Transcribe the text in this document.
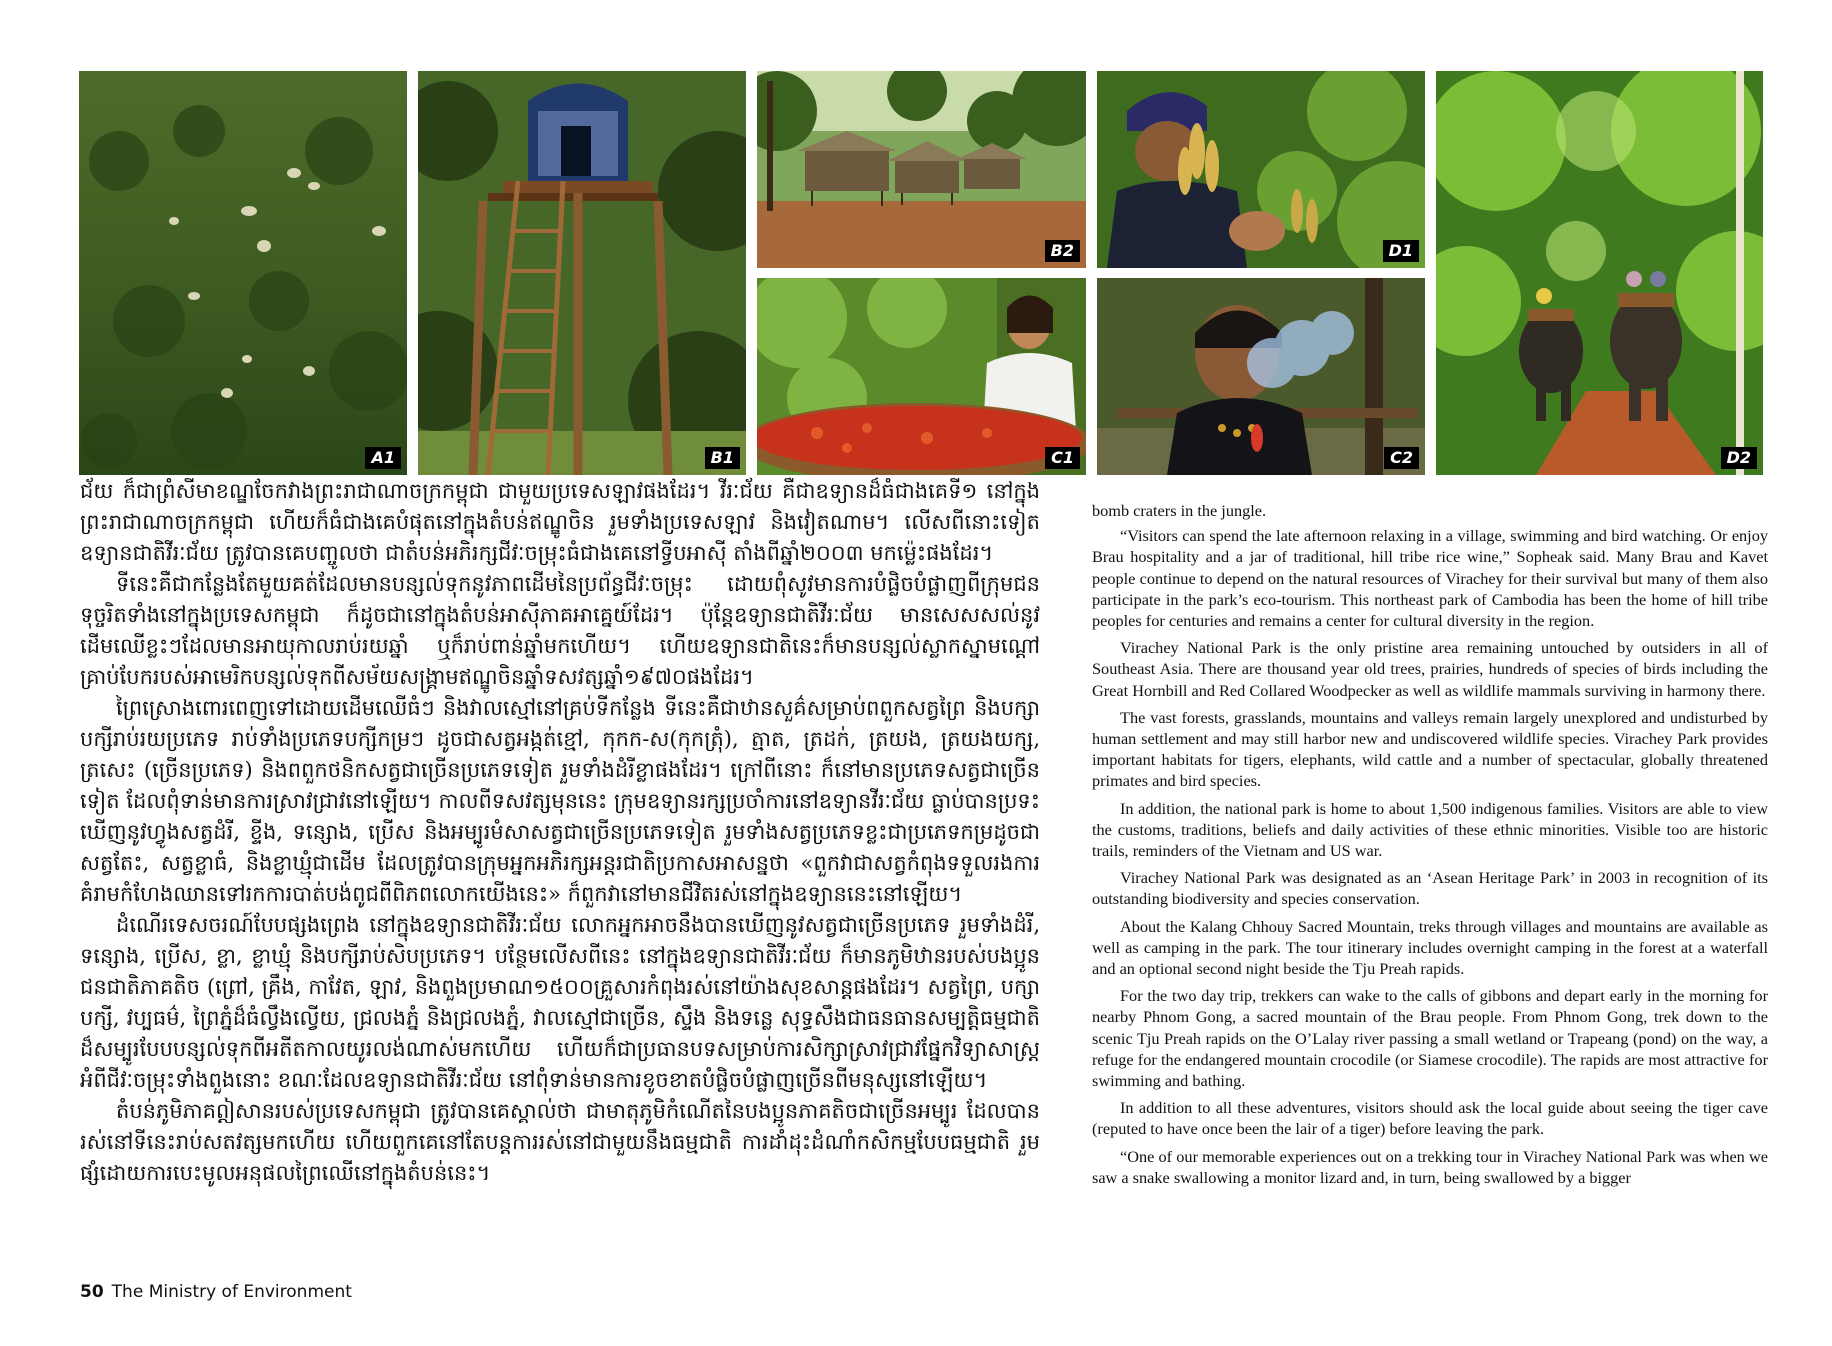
A1	B1
B2	D1
D2
C1	C2

ជ័យ ក៏ជាព្រំសីមាខណ្ឌចែកវាងព្រះរាជាណាចក្រកម្ពុជា ជាមួយប្រទេសឡាវផងដែរ។ វីរៈជ័យ គឺជាឧទ្យានដ៏ធំជាងគេទី១ នៅក្នុងព្រះរាជាណាចក្រកម្ពុជា ហើយក៏ធំជាងគេបំផុតនៅក្នុងតំបន់ឥណ្ឌូចិន រួមទាំងប្រទេសឡាវ និងវៀតណាម។ លើសពីនោះទៀត ឧទ្យានជាតិវីរៈជ័យ ត្រូវបានគេបញ្ចូលថា ជាតំបន់អភិរក្សជីវៈចម្រុះធំជាងគេនៅទ្វីបអាស៊ី តាំងពីឆ្នាំ២០០៣ មកម្ល៉េះផងដែរ។

ទីនេះគឺជាកន្លែងតែមួយគត់ដែលមានបន្សល់ទុកនូវភាពដើមនៃប្រព័ន្ធជីវៈចម្រុះ ដោយពុំសូវមានការបំផ្លិចបំផ្លាញពីក្រុមជនទុច្ចរិតទាំងនៅក្នុងប្រទេសកម្ពុជា ក៏ដូចជានៅក្នុងតំបន់អាស៊ីភាគអាគ្នេយ៍ដែរ។ ប៉ុន្តែឧទ្យានជាតិវីរៈជ័យ មានសេសសល់នូវដើមឈើខ្លះៗដែលមានអាយុកាលរាប់រយឆ្នាំ ឬក៏រាប់ពាន់ឆ្នាំមកហើយ។ ហើយឧទ្យានជាតិនេះក៏មានបន្សល់ស្លាកស្នាមណ្តៅគ្រាប់បែករបស់អាមេរិកបន្សល់ទុកពីសម័យសង្គ្រាមឥណ្ឌូចិនឆ្នាំទសវត្សឆ្នាំ១៩៧០ផងដែរ។

ព្រៃស្រោងពោរពេញទៅដោយដើមឈើធំៗ និងវាលស្មៅនៅគ្រប់ទីកន្លែង ទីនេះគឺជាឋានសួគ៌សម្រាប់ពពួកសត្វព្រៃ និងបក្សាបក្សីរាប់រយប្រភេទ រាប់ទាំងប្រភេទបក្សីកម្រៗ ដូចជាសត្វអង្កត់ខ្មៅ, កុកក-ស(កុកត្រុំ), ត្មាត, ត្រដក់, ត្រយង, ត្រយងយក្ស, ត្រសេះ (ច្រើនប្រភេទ) និងពពួកថនិកសត្វជាច្រើនប្រភេទទៀត រួមទាំងដំរីខ្លាផងដែរ។ ក្រៅពីនោះ ក៏នៅមានប្រភេទសត្វជាច្រើនទៀត ដែលពុំទាន់មានការស្រាវជ្រាវនៅឡើយ។ កាលពីទសវត្សមុននេះ ក្រុមឧទ្យានរក្សប្រចាំការនៅឧទ្យានវីរៈជ័យ ធ្លាប់បានប្រទះឃើញនូវហ្វូងសត្វដំរី, ខ្ទីង, ទន្សោង, ប្រើស និងអម្បូរមំសាសត្វជាច្រើនប្រភេទទៀត រួមទាំងសត្វប្រភេទខ្លះជាប្រភេទកម្រដូចជា សត្វតែះ, សត្វខ្លាធំ, និងខ្លាឃ្មុំជាដើម ដែលត្រូវបានក្រុមអ្នកអភិរក្សអន្តរជាតិប្រកាសអាសន្នថា «ពួកវាជាសត្វកំពុងទទួលរងការគំរាមកំហែងឈានទៅរកការបាត់បង់ពូជពីពិភពលោកយើងនេះ» ក៏ពួកវានៅមានជីវិតរស់នៅក្នុងឧទ្យាននេះនៅឡើយ។

ដំណើរទេសចរណ៍បែបផ្សងព្រេង នៅក្នុងឧទ្យានជាតិវីរៈជ័យ លោកអ្នកអាចនឹងបានឃើញនូវសត្វជាច្រើនប្រភេទ រួមទាំងដំរី, ទន្សោង, ប្រើស, ខ្លា, ខ្លាឃ្មុំ និងបក្សីរាប់សិបប្រភេទ។ បន្ថែមលើសពីនេះ នៅក្នុងឧទ្យានជាតិវីរៈជ័យ ក៏មានភូមិឋានរបស់បងប្អូនជនជាតិភាគតិច (ព្រៅ, គ្រឹង, កាវែត, ឡាវ, និងពួងប្រមាណ១៥០០គ្រួសារកំពុងរស់នៅយ៉ាងសុខសាន្តផងដែរ។ សត្វព្រៃ, បក្សាបក្សី, វប្បធម៌, ព្រៃភ្នំដ៏ធំល្វឹងល្វើយ, ជ្រលងភ្នំ និងជ្រលងភ្នំ, វាលស្មៅជាច្រើន, ស្ទឹង និងទន្លេ សុទ្ធសឹងជាធនធានសម្បត្តិធម្មជាតិដ៏សម្បូរបែបបន្សល់ទុកពីអតីតកាលយូរលង់ណាស់មកហើយ ហើយក៏ជាប្រធានបទសម្រាប់ការសិក្សាស្រាវជ្រាវផ្នែកវិទ្យាសាស្ត្រអំពីជីវៈចម្រុះទាំងពួងនោះ ខណៈដែលឧទ្យានជាតិវីរៈជ័យ នៅពុំទាន់មានការខូចខាតបំផ្លិចបំផ្លាញច្រើនពីមនុស្សនៅឡើយ។

តំបន់ភូមិភាគឦសានរបស់ប្រទេសកម្ពុជា ត្រូវបានគេស្គាល់ថា ជាមាតុភូមិកំណើតនៃបងប្អូនភាគតិចជាច្រើនអម្បូរ ដែលបានរស់នៅទីនេះរាប់សតវត្សមកហើយ ហើយពួកគេនៅតែបន្តការរស់នៅជាមួយនឹងធម្មជាតិ ការដាំដុះដំណាំកសិកម្មបែបធម្មជាតិ រួមផ្សំដោយការបេះមូលអនុផលព្រៃឈើនៅក្នុងតំបន់នេះ។

bomb craters in the jungle.

“Visitors can spend the late afternoon relaxing in a village, swimming and bird watching. Or enjoy Brau hospitality and a jar of traditional, hill tribe rice wine,” Sopheak said. Many Brau and Kavet people continue to depend on the natural resources of Virachey for their survival but many of them also participate in the park’s eco-tourism. This northeast park of Cambodia has been the home of hill tribe peoples for centuries and remains a center for cultural diversity in the region.

Virachey National Park is the only pristine area remaining untouched by outsiders in all of Southeast Asia. There are thousand year old trees, prairies, hundreds of species of birds including the Great Hornbill and Red Collared Woodpecker as well as wildlife mammals surviving in harmony there.

The vast forests, grasslands, mountains and valleys remain largely unexplored and undisturbed by human settlement and may still harbor new and undiscovered wildlife species. Virachey Park provides important habitats for tigers, elephants, wild cattle and a number of spectacular, globally threatened primates and bird species.

In addition, the national park is home to about 1,500 indigenous families. Visitors are able to view the customs, traditions, beliefs and daily activities of these ethnic minorities. Visible too are historic trails, reminders of the Vietnam and US war.

Virachey National Park was designated as an ‘Asean Heritage Park’ in 2003 in recognition of its outstanding biodiversity and species conservation.

About the Kalang Chhouy Sacred Mountain, treks through villages and mountains are available as well as camping in the park. The tour itinerary includes overnight camping in the forest at a waterfall and an optional second night beside the Tju Preah rapids.

For the two day trip, trekkers can wake to the calls of gibbons and depart early in the morning for nearby Phnom Gong, a sacred mountain of the Brau people. From Phnom Gong, trek down to the scenic Tju Preah rapids on the O’Lalay river passing a small wetland or Trapeang (pond) on the way, a refuge for the endangered mountain crocodile (or Siamese crocodile). The rapids are most attractive for swimming and bathing.

In addition to all these adventures, visitors should ask the local guide about seeing the tiger cave (reputed to have once been the lair of a tiger) before leaving the park.

“One of our memorable experiences out on a trekking tour in Virachey National Park was when we saw a snake swallowing a monitor lizard and, in turn, being swallowed by a bigger

50 The Ministry of Environment
